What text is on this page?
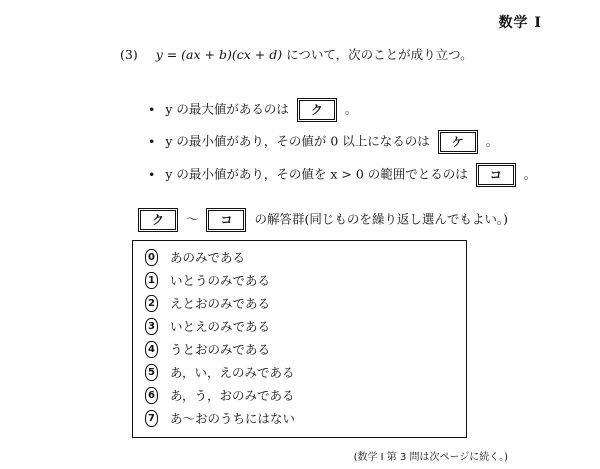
数学 I
(3) y = (ax + b)(cx + d) について，次のことが成り立つ。
• y の最大値があるのは ク 。
• y の最小値があり，その値が 0 以上になるのは ケ 。
• y の最小値があり，その値を x > 0 の範囲でとるのは コ 。
ク ～ コ の解答群(同じものを繰り返し選んでもよい。)
0 あのみである
1 いとうのみである
2 えとおのみである
3 いとえのみである
4 うとおのみである
5 あ，い，えのみである
6 あ，う，おのみである
7 あ～おのうちにはない
(数学 I 第 3 問は次ページに続く。)
